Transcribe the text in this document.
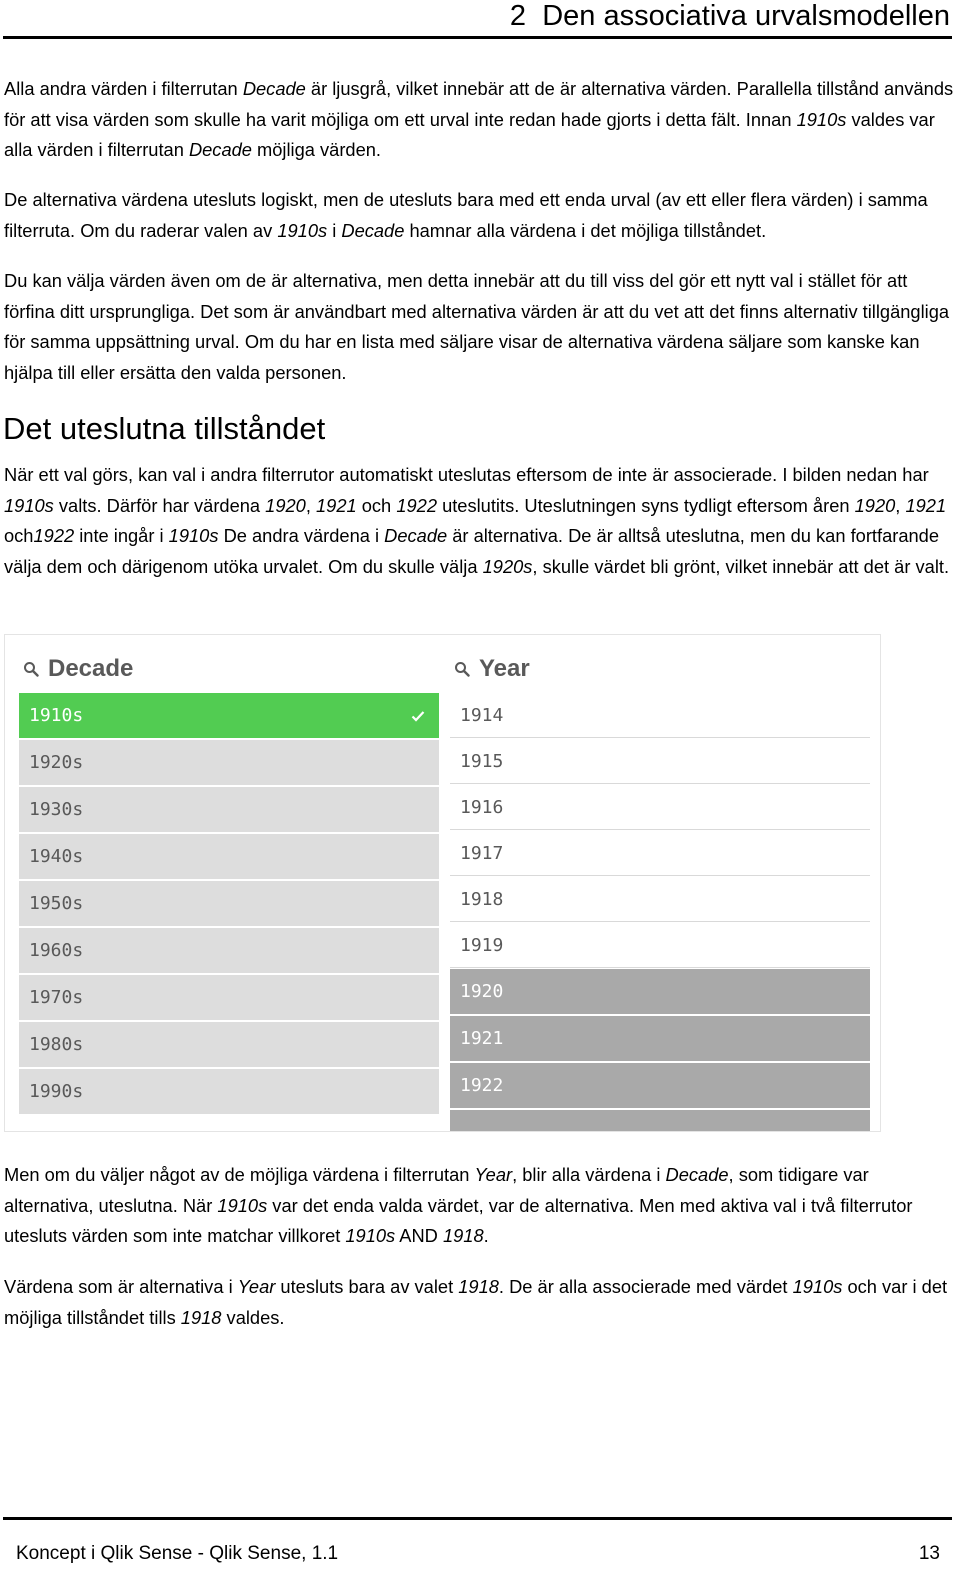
2 Den associativa urvalsmodellen

Alla andra värden i filterrutan Decade är ljusgrå, vilket innebär att de är alternativa värden. Parallella tillstånd används för att visa värden som skulle ha varit möjliga om ett urval inte redan hade gjorts i detta fält. Innan 1910s valdes var alla värden i filterrutan Decade möjliga värden.

De alternativa värdena utesluts logiskt, men de utesluts bara med ett enda urval (av ett eller flera värden) i samma filterruta. Om du raderar valen av 1910s i Decade hamnar alla värdena i det möjliga tillståndet.

Du kan välja värden även om de är alternativa, men detta innebär att du till viss del gör ett nytt val i stället för att förfina ditt ursprungliga. Det som är användbart med alternativa värden är att du vet att det finns alternativ tillgängliga för samma uppsättning urval. Om du har en lista med säljare visar de alternativa värdena säljare som kanske kan hjälpa till eller ersätta den valda personen.

Det uteslutna tillståndet

När ett val görs, kan val i andra filterrutor automatiskt uteslutas eftersom de inte är associerade. I bilden nedan har 1910s valts. Därför har värdena 1920, 1921 och 1922 uteslutits. Uteslutningen syns tydligt eftersom åren 1920, 1921 och1922 inte ingår i 1910s De andra värdena i Decade är alternativa. De är alltså uteslutna, men du kan fortfarande välja dem och därigenom utöka urvalet. Om du skulle välja 1920s, skulle värdet bli grönt, vilket innebär att det är valt.

Decade
1910s
1920s
1930s
1940s
1950s
1960s
1970s
1980s
1990s
Year
1914
1915
1916
1917
1918
1919
1920
1921
1922

Men om du väljer något av de möjliga värdena i filterrutan Year, blir alla värdena i Decade, som tidigare var alternativa, uteslutna. När 1910s var det enda valda värdet, var de alternativa. Men med aktiva val i två filterrutor utesluts värden som inte matchar villkoret 1910s AND 1918.

Värdena som är alternativa i Year utesluts bara av valet 1918. De är alla associerade med värdet 1910s och var i det möjliga tillståndet tills 1918 valdes.

Koncept i Qlik Sense - Qlik Sense, 1.1	13
